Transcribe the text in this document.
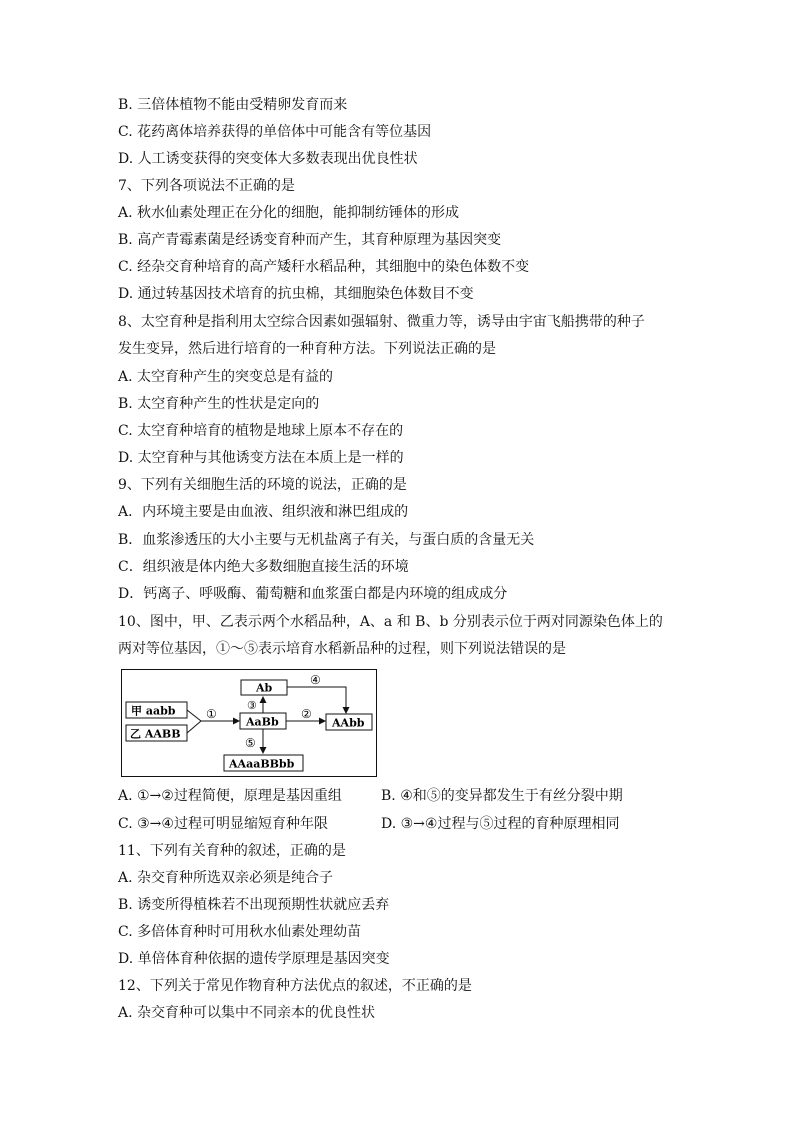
B. 三倍体植物不能由受精卵发育而来
C. 花药离体培养获得的单倍体中可能含有等位基因
D. 人工诱变获得的突变体大多数表现出优良性状
7、下列各项说法不正确的是
A. 秋水仙素处理正在分化的细胞，能抑制纺锤体的形成
B. 高产青霉素菌是经诱变育种而产生，其育种原理为基因突变
C. 经杂交育种培育的高产矮秆水稻品种，其细胞中的染色体数不变
D. 通过转基因技术培育的抗虫棉，其细胞染色体数目不变
8、太空育种是指利用太空综合因素如强辐射、微重力等，诱导由宇宙飞船携带的种子
发生变异，然后进行培育的一种育种方法。下列说法正确的是
A. 太空育种产生的突变总是有益的
B. 太空育种产生的性状是定向的
C. 太空育种培育的植物是地球上原本不存在的
D. 太空育种与其他诱变方法在本质上是一样的
9、下列有关细胞生活的环境的说法，正确的是
A．内环境主要是由血液、组织液和淋巴组成的
B．血浆渗透压的大小主要与无机盐离子有关，与蛋白质的含量无关
C．组织液是体内绝大多数细胞直接生活的环境
D．钙离子、呼吸酶、葡萄糖和血浆蛋白都是内环境的组成成分
10、图中，甲、乙表示两个水稻品种，A、a 和 B、b 分别表示位于两对同源染色体上的
两对等位基因，①～⑤表示培育水稻新品种的过程，则下列说法错误的是
甲 aabb
乙 AABB
①
AaBb
Ab
③
④
②
AAbb
⑤
AAaaBBbb
A. ①→②过程简便，原理是基因重组	B. ④和⑤的变异都发生于有丝分裂中期
C. ③→④过程可明显缩短育种年限	D. ③→④过程与⑤过程的育种原理相同
11、下列有关育种的叙述，正确的是
A. 杂交育种所选双亲必须是纯合子
B. 诱变所得植株若不出现预期性状就应丢弃
C. 多倍体育种时可用秋水仙素处理幼苗
D. 单倍体育种依据的遗传学原理是基因突变
12、下列关于常见作物育种方法优点的叙述，不正确的是
A. 杂交育种可以集中不同亲本的优良性状
